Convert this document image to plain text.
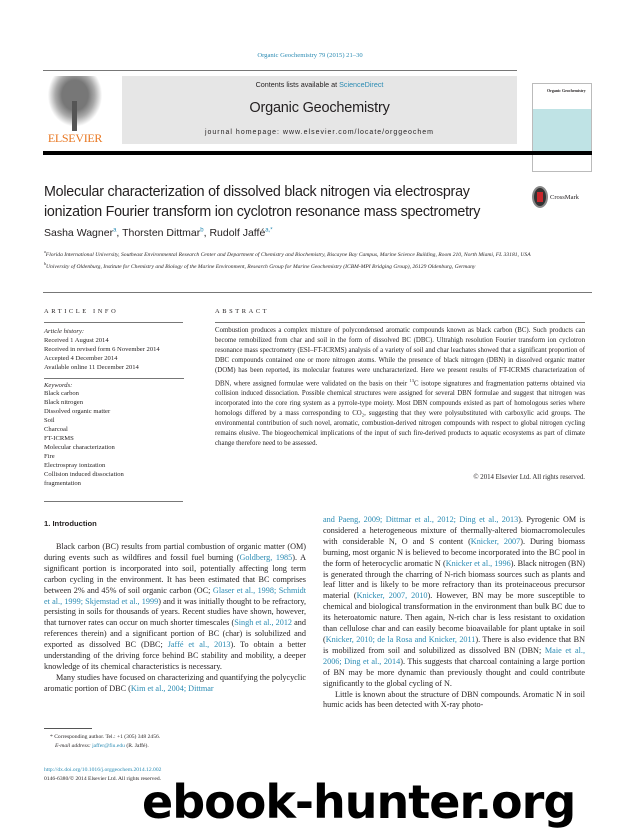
Organic Geochemistry 79 (2015) 21–30
ELSEVIER
Contents lists available at ScienceDirect
Organic Geochemistry
journal homepage: www.elsevier.com/locate/orggeochem
Organic Geochemistry
Molecular characterization of dissolved black nitrogen via electrospray ionization Fourier transform ion cyclotron resonance mass spectrometry
CrossMark
Sasha Wagner$^a$, Thorsten Dittmar$^b$, Rudolf Jaffé$^{a,*}$
$^a$Florida International University, Southeast Environmental Research Center and Department of Chemistry and Biochemistry, Biscayne Bay Campus, Marine Science Building, Room 210, North Miami, FL 33181, USA
$^b$University of Oldenburg, Institute for Chemistry and Biology of the Marine Environment, Research Group for Marine Geochemistry (ICBM-MPI Bridging Group), 26129 Oldenburg, Germany
ARTICLE INFO	ABSTRACT
Article history:
Received 1 August 2014
Received in revised form 6 November 2014
Accepted 4 December 2014
Available online 11 December 2014
Keywords:
Black carbon
Black nitrogen
Dissolved organic matter
Soil
Charcoal
FT-ICRMS
Molecular characterization
Fire
Electrospray ionization
Collision induced dissociation
fragmentation
Combustion produces a complex mixture of polycondensed aromatic compounds known as black carbon (BC). Such products can become remobilized from char and soil in the form of dissolved BC (DBC). Ultrahigh resolution Fourier transform ion cyclotron resonance mass spectrometry (ESI–FT-ICRMS) analysis of a variety of soil and char leachates showed that a significant proportion of DBC compounds contained one or more nitrogen atoms. While the presence of black nitrogen (DBN) in dissolved organic matter (DOM) has been reported, its molecular features were uncharacterized. Here we present results of FT-ICRMS characterization of DBN, where assigned formulae were validated on the basis on their $^{13}$C isotope signatures and fragmentation patterns obtained via collision induced dissociation. Possible chemical structures were assigned for several DBN formulae and suggest that nitrogen was incorporated into the core ring system as a pyrrole-type moiety. Most DBN compounds existed as part of homologous series where homologs differed by a mass corresponding to CO₂, suggesting that they were polysubstituted with carboxylic acid groups. The environmental contribution of such novel, aromatic, combustion-derived nitrogen compounds with respect to global nitrogen cycling remains elusive. The biogeochemical implications of the input of such fire-derived products to aquatic ecosystems as part of climate change therefore need to be assessed.
© 2014 Elsevier Ltd. All rights reserved.
1. Introduction

Black carbon (BC) results from partial combustion of organic matter (OM) during events such as wildfires and fossil fuel burning (Goldberg, 1985). A significant portion is incorporated into soil, potentially affecting long term carbon cycling in the environment. It has been estimated that BC comprises between 2% and 45% of soil organic carbon (OC; Glaser et al., 1998; Schmidt et al., 1999; Skjemstad et al., 1999) and it was initially thought to be refractory, persisting in soils for thousands of years. Recent studies have shown, however, that turnover rates can occur on much shorter timescales (Singh et al., 2012 and references therein) and a significant portion of BC (char) is solubilized and exported as dissolved BC (DBC; Jaffé et al., 2013). To obtain a better understanding of the driving force behind BC stability and mobility, a deeper knowledge of its chemical characteristics is necessary.

Many studies have focused on characterizing and quantifying the polycyclic aromatic portion of DBC (Kim et al., 2004; Dittmar

and Paeng, 2009; Dittmar et al., 2012; Ding et al., 2013). Pyrogenic OM is considered a heterogeneous mixture of thermally-altered biomacromolecules with considerable N, O and S content (Knicker, 2007). During biomass burning, most organic N is believed to become incorporated into the BC pool in the form of heterocyclic aromatic N (Knicker et al., 1996). Black nitrogen (BN) is generated through the charring of N-rich biomass sources such as plants and leaf litter and is likely to be more refractory than its proteinaceous precursor material (Knicker, 2007, 2010). However, BN may be more susceptible to chemical and biological transformation in the environment than bulk BC due to its heteroatomic nature. Then again, N-rich char is less resistant to oxidation than cellulose char and can easily become bioavailable for plant uptake in soil (Knicker, 2010; de la Rosa and Knicker, 2011). There is also evidence that BN is mobilized from soil and solubilized as dissolved BN (DBN; Maie et al., 2006; Ding et al., 2014). This suggests that charcoal containing a large portion of BN may be more dynamic than previously thought and could contribute significantly to the global cycling of N.

Little is known about the structure of DBN compounds. Aromatic N in soil humic acids has been detected with X-ray photo-

* Corresponding author. Tel.: +1 (305) 348 2456.
E-mail address: jaffer@fiu.edu (R. Jaffé).
http://dx.doi.org/10.1016/j.orggeochem.2014.12.002
0146-6380/© 2014 Elsevier Ltd. All rights reserved.
ebook-hunter.org
